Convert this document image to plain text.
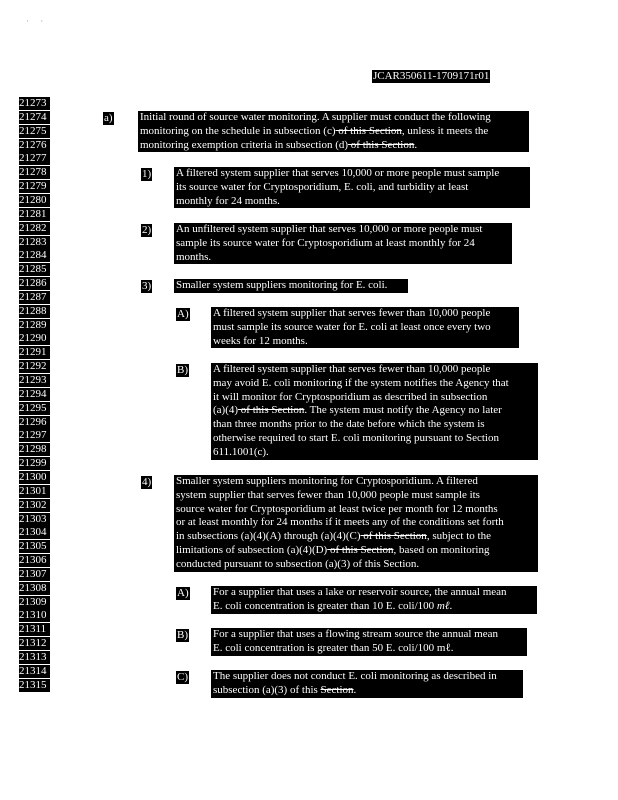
·     ·
JCAR350611-1709171r01
21273
21274
21275
21276
21277
21278
21279
21280
21281
21282
21283
21284
21285
21286
21287
21288
21289
21290
21291
21292
21293
21294
21295
21296
21297
21298
21299
21300
21301
21302
21303
21304
21305
21306
21307
21308
21309
21310
21311
21312
21313
21314
21315
a) Initial round of source water monitoring. A supplier must conduct the following
monitoring on the schedule in subsection (c) of this Section, unless it meets the
monitoring exemption criteria in subsection (d) of this Section.
1) A filtered system supplier that serves 10,000 or more people must sample
its source water for Cryptosporidium, E. coli, and turbidity at least
monthly for 24 months.
2) An unfiltered system supplier that serves 10,000 or more people must
sample its source water for Cryptosporidium at least monthly for 24
months.
3) Smaller system suppliers monitoring for E. coli.
A) A filtered system supplier that serves fewer than 10,000 people
must sample its source water for E. coli at least once every two
weeks for 12 months.
B) A filtered system supplier that serves fewer than 10,000 people
may avoid E. coli monitoring if the system notifies the Agency that
it will monitor for Cryptosporidium as described in subsection
(a)(4) of this Section. The system must notify the Agency no later
than three months prior to the date before which the system is
otherwise required to start E. coli monitoring pursuant to Section
611.1001(c).
4) Smaller system suppliers monitoring for Cryptosporidium. A filtered
system supplier that serves fewer than 10,000 people must sample its
source water for Cryptosporidium at least twice per month for 12 months
or at least monthly for 24 months if it meets any of the conditions set forth
in subsections (a)(4)(A) through (a)(4)(C) of this Section, subject to the
limitations of subsection (a)(4)(D) of this Section, based on monitoring
conducted pursuant to subsection (a)(3) of this Section.
A) For a supplier that uses a lake or reservoir source, the annual mean
E. coli concentration is greater than 10 E. coli/100 mℓ.
B) For a supplier that uses a flowing stream source the annual mean
E. coli concentration is greater than 50 E. coli/100 mℓ.
C) The supplier does not conduct E. coli monitoring as described in
subsection (a)(3) of this Section.
